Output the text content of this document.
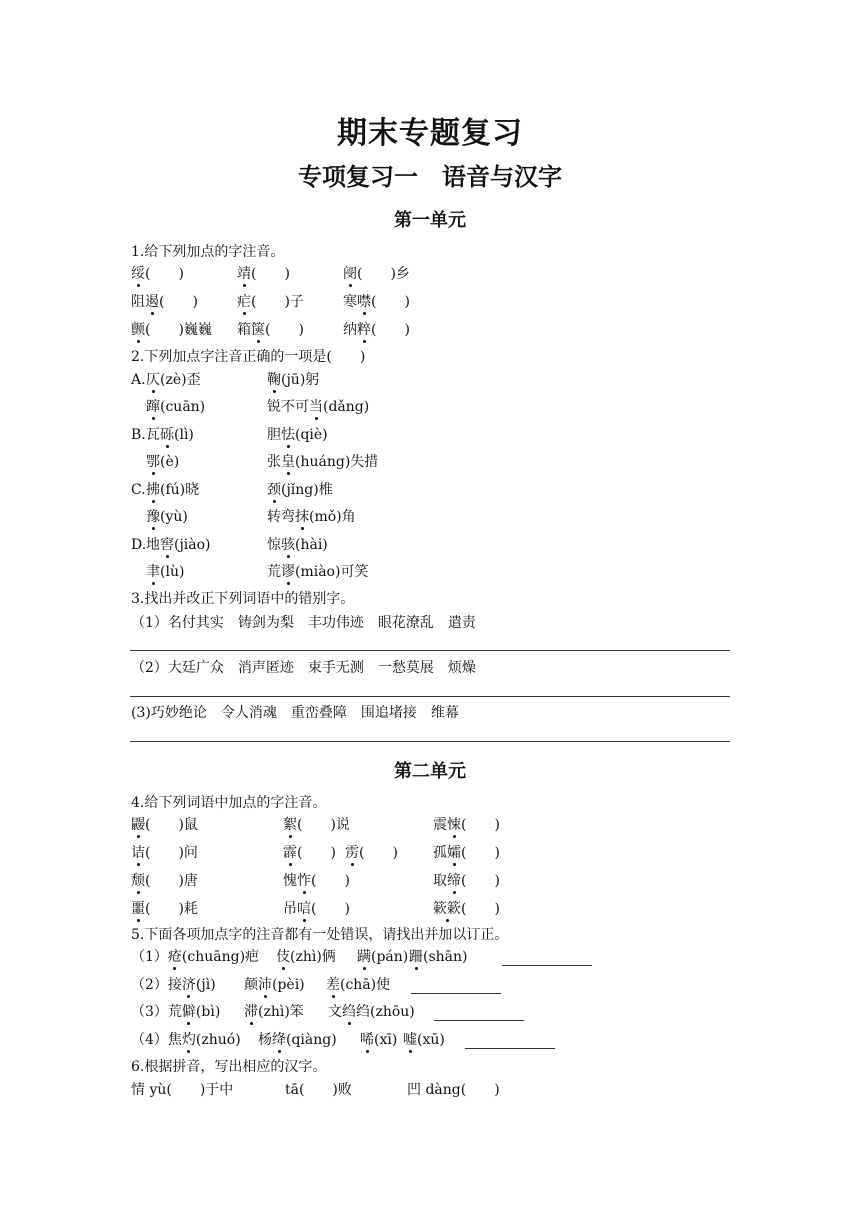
期末专题复习
专项复习一　语音与汉字
第一单元
1.给下列加点的字注音。
绥(　　)	靖(　　)	阌(　　)乡
阻遏(　　)	疟(　　)子	寒噤(　　)
颤(　　)巍巍 箱箧(　　)	纳粹(　　)
2.下列加点字注音正确的一项是(　　)
A. 仄(zè)歪	鞠(jū)躬
蹿(cuān)	锐不可当(dǎng)
B. 瓦砾(lì)	胆怯(qiè)
鄂(è)	张皇(huáng)失措
C. 拂(fú)晓	颈(jǐng)椎
豫(yù)	转弯抹(mǒ)角
D. 地窖(jiào)	惊骇(hài)
聿(lù)	荒谬(miào)可笑
3.找出并改正下列词语中的错别字。
（1）名付其实　铸剑为梨　丰功伟迹　眼花潦乱　遣责
（2）大廷广众　消声匿迹　束手无测　一愁莫展　烦燥
(3)巧妙绝论　令人消魂　重峦叠障　围追堵接　维幕
第二单元
4.给下列词语中加点的字注音。
鼹(　　)鼠	絮(　　)说	震悚(　　)
诘(　　)问	霹(　　) 雳(　　)	孤孀(　　)
颓(　　)唐	愧怍(　　)	取缔(　　)
噩(　　)耗	吊唁(　　)	簌簌(　　)
5.下面各项加点字的注音都有一处错误，请找出并加以订正。
（1）疮(chuāng)疤 伎(zhì)俩 蹒(pán) 跚(shān)
（2）接济(jì) 颠沛(pèi) 差(chā)使
（3）荒僻(bì) 滞(zhì)笨 文绉绉(zhōu)
（4）焦灼(zhuó) 杨绛(qiàng) 唏(xī) 嘘(xū)
6.根据拼音，写出相应的汉字。
情 yù(　　)于中	tā(　　)败	凹 dàng(　　)
